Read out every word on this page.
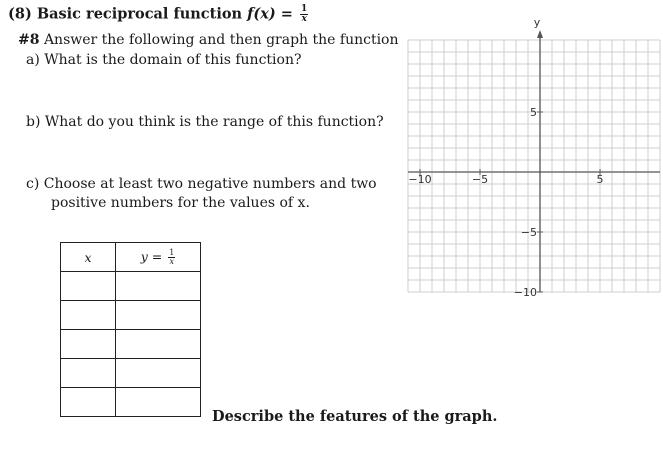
(8) Basic reciprocal function $f(x) = \frac{1}{x}$
#8 Answer the following and then graph the function
a) What is the domain of this function?
b) What do you think is the range of this function?
c) Choose at least two negative numbers and two
positive numbers for the values of x.
x	$y = \frac{1}{x}$

Describe the features of the graph.
y
−10	−5	5
5
−5
−10
